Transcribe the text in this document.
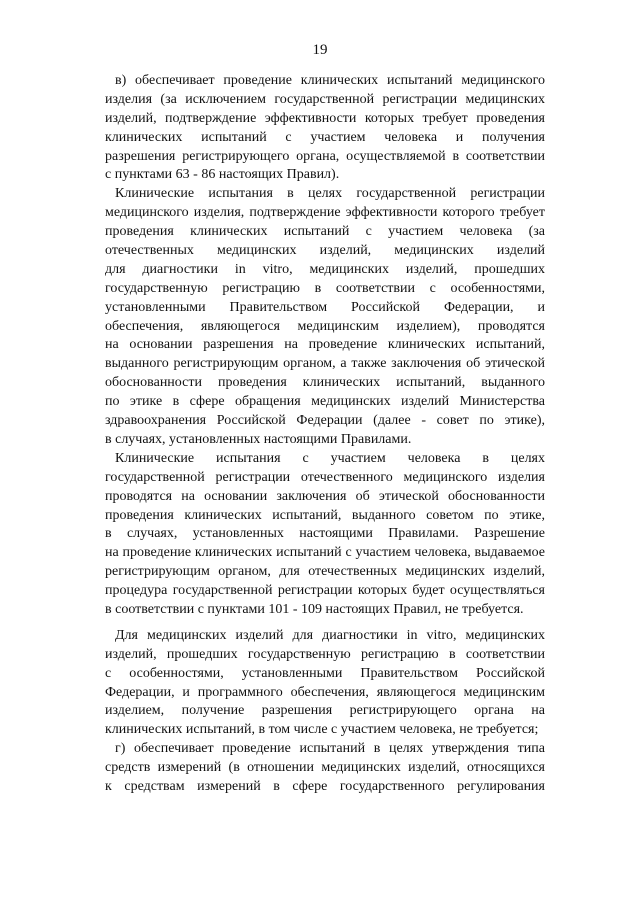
19
в) обеспечивает проведение клинических испытаний медицинского
изделия (за исключением государственной регистрации медицинских
изделий, подтверждение эффективности которых требует проведения
клинических испытаний с участием человека и получения
разрешения регистрирующего органа, осуществляемой в соответствии
с пунктами 63 - 86 настоящих Правил).
Клинические испытания в целях государственной регистрации
медицинского изделия, подтверждение эффективности которого требует
проведения клинических испытаний с участием человека (за
отечественных медицинских изделий, медицинских изделий
для диагностики in vitro, медицинских изделий, прошедших
государственную регистрацию в соответствии с особенностями,
установленными Правительством Российской Федерации, и
обеспечения, являющегося медицинским изделием), проводятся
на основании разрешения на проведение клинических испытаний,
выданного регистрирующим органом, а также заключения об этической
обоснованности проведения клинических испытаний, выданного
по этике в сфере обращения медицинских изделий Министерства
здравоохранения Российской Федерации (далее - совет по этике),
в случаях, установленных настоящими Правилами.
Клинические испытания с участием человека в целях
государственной регистрации отечественного медицинского изделия
проводятся на основании заключения об этической обоснованности
проведения клинических испытаний, выданного советом по этике,
в случаях, установленных настоящими Правилами. Разрешение
на проведение клинических испытаний с участием человека, выдаваемое
регистрирующим органом, для отечественных медицинских изделий,
процедура государственной регистрации которых будет осуществляться
в соответствии с пунктами 101 - 109 настоящих Правил, не требуется.
Для медицинских изделий для диагностики in vitro, медицинских
изделий, прошедших государственную регистрацию в соответствии
с особенностями, установленными Правительством Российской
Федерации, и программного обеспечения, являющегося медицинским
изделием, получение разрешения регистрирующего органа на
клинических испытаний, в том числе с участием человека, не требуется;
г) обеспечивает проведение испытаний в целях утверждения типа
средств измерений (в отношении медицинских изделий, относящихся
к средствам измерений в сфере государственного регулирования
